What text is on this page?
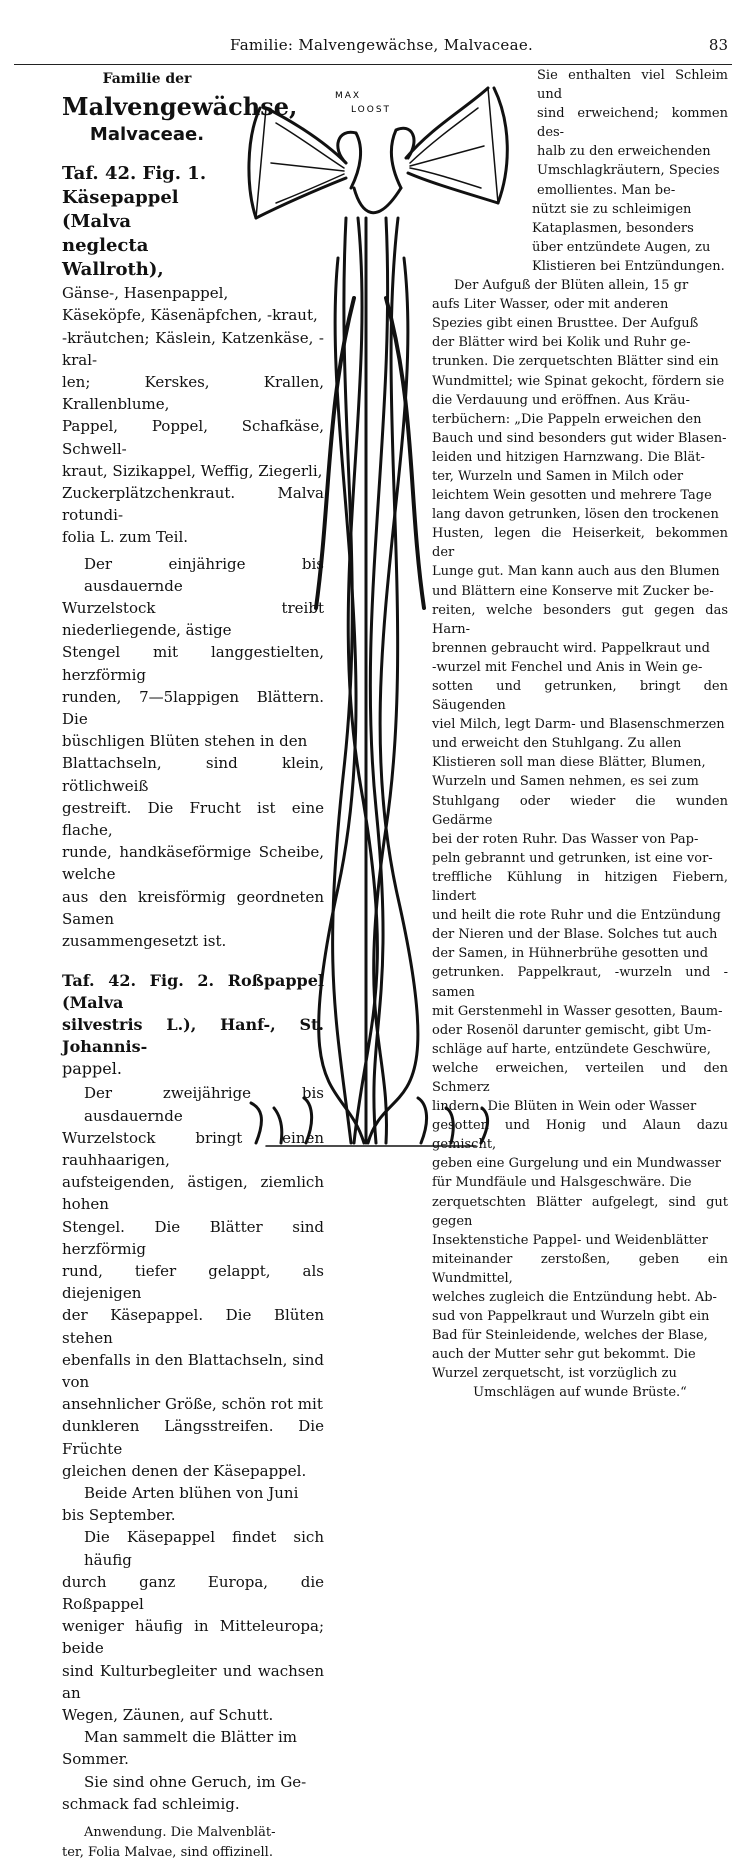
Familie: Malvengewächse, Malvaceae.	83
MAX
LOOST
Familie der
Malvengewächse,
Malvaceae.
Taf. 42. Fig. 1.
Käsepappel (Malva
neglecta Wallroth),
Gänse-, Hasenpappel,
Käseköpfe, Käsenäpfchen, -kraut,
-kräutchen; Käslein, Katzenkäse, -kral-
len; Kerskes, Krallen, Krallenblume,
Pappel, Poppel, Schafkäse, Schwell-
kraut, Sizikappel, Weffig, Ziegerli,
Zuckerplätzchenkraut. Malva rotundi-
folia L. zum Teil.
Der einjährige bis ausdauernde
Wurzelstock treibt niederliegende, ästige
Stengel mit langgestielten, herzförmig
runden, 7—5lappigen Blättern. Die
büschligen Blüten stehen in den
Blattachseln, sind klein, rötlichweiß
gestreift. Die Frucht ist eine flache,
runde, handkäseförmige Scheibe, welche
aus den kreisförmig geordneten Samen
zusammengesetzt ist.
Taf. 42. Fig. 2. Roßpappel (Malva
silvestris L.), Hanf-, St. Johannis-
pappel.
Der zweijährige bis ausdauernde
Wurzelstock bringt einen rauhhaarigen,
aufsteigenden, ästigen, ziemlich hohen
Stengel. Die Blätter sind herzförmig
rund, tiefer gelappt, als diejenigen
der Käsepappel. Die Blüten stehen
ebenfalls in den Blattachseln, sind von
ansehnlicher Größe, schön rot mit
dunkleren Längsstreifen. Die Früchte
gleichen denen der Käsepappel.
Beide Arten blühen von Juni
bis September.
Die Käsepappel findet sich häufig
durch ganz Europa, die Roßpappel
weniger häufig in Mitteleuropa; beide
sind Kulturbegleiter und wachsen an
Wegen, Zäunen, auf Schutt.
Man sammelt die Blätter im
Sommer.
Sie sind ohne Geruch, im Ge-
schmack fad schleimig.
Anwendung. Die Malvenblät-
ter, Folia Malvae, sind offizinell.
Sie enthalten viel Schleim und
sind erweichend; kommen des-
halb zu den erweichenden
Umschlagkräutern, Species
emollientes. Man be-
nützt sie zu schleimigen
Kataplasmen, besonders
über entzündete Augen, zu
Klistieren bei Entzündungen.
Der Aufguß der Blüten allein, 15 gr
aufs Liter Wasser, oder mit anderen
Spezies gibt einen Brusttee. Der Aufguß
der Blätter wird bei Kolik und Ruhr ge-
trunken. Die zerquetschten Blätter sind ein
Wundmittel; wie Spinat gekocht, fördern sie
die Verdauung und eröffnen. Aus Kräu-
terbüchern: „Die Pappeln erweichen den
Bauch und sind besonders gut wider Blasen-
leiden und hitzigen Harnzwang. Die Blät-
ter, Wurzeln und Samen in Milch oder
leichtem Wein gesotten und mehrere Tage
lang davon getrunken, lösen den trockenen
Husten, legen die Heiserkeit, bekommen der
Lunge gut. Man kann auch aus den Blumen
und Blättern eine Konserve mit Zucker be-
reiten, welche besonders gut gegen das Harn-
brennen gebraucht wird. Pappelkraut und
-wurzel mit Fenchel und Anis in Wein ge-
sotten und getrunken, bringt den Säugenden
viel Milch, legt Darm- und Blasenschmerzen
und erweicht den Stuhlgang. Zu allen
Klistieren soll man diese Blätter, Blumen,
Wurzeln und Samen nehmen, es sei zum
Stuhlgang oder wieder die wunden Gedärme
bei der roten Ruhr. Das Wasser von Pap-
peln gebrannt und getrunken, ist eine vor-
treffliche Kühlung in hitzigen Fiebern, lindert
und heilt die rote Ruhr und die Entzündung
der Nieren und der Blase. Solches tut auch
der Samen, in Hühnerbrühe gesotten und
getrunken. Pappelkraut, -wurzeln und -samen
mit Gerstenmehl in Wasser gesotten, Baum-
oder Rosenöl darunter gemischt, gibt Um-
schläge auf harte, entzündete Geschwüre,
welche erweichen, verteilen und den Schmerz
lindern. Die Blüten in Wein oder Wasser
gesotten und Honig und Alaun dazu gemischt,
geben eine Gurgelung und ein Mundwasser
für Mundfäule und Halsgeschwäre. Die
zerquetschten Blätter aufgelegt, sind gut gegen
Insektenstiche Pappel- und Weidenblätter
miteinander zerstoßen, geben ein Wundmittel,
welches zugleich die Entzündung hebt. Ab-
sud von Pappelkraut und Wurzeln gibt ein
Bad für Steinleidende, welches der Blase,
auch der Mutter sehr gut bekommt. Die
Wurzel zerquetscht, ist vorzüglich zu
Umschlägen auf wunde Brüste.“
